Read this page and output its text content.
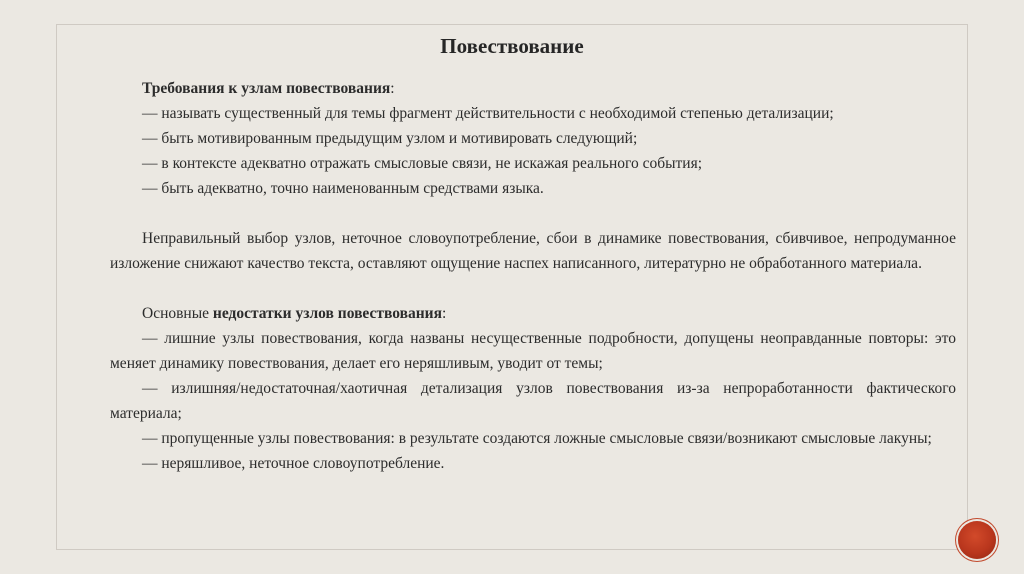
Повествование
Требования к узлам повествования:
— называть существенный для темы фрагмент действительности с необходимой степенью детализации;
— быть мотивированным предыдущим узлом и мотивировать следующий;
— в контексте адекватно отражать смысловые связи, не искажая реального события;
— быть адекватно, точно наименованным средствами языка.
Неправильный выбор узлов, неточное словоупотребление, сбои в динамике повествования, сбивчивое, непродуманное изложение снижают качество текста, оставляют ощущение наспех написанного, литературно не обработанного материала.
Основные недостатки узлов повествования:
— лишние узлы повествования, когда названы несущественные подробности, допущены неоправданные повторы: это меняет динамику повествования, делает его неряшливым, уводит от темы;
— излишняя/недостаточная/хаотичная детализация узлов повествования из-за непроработанности фактического материала;
— пропущенные узлы повествования: в результате создаются ложные смысловые связи/возникают смысловые лакуны;
— неряшливое, неточное словоупотребление.
